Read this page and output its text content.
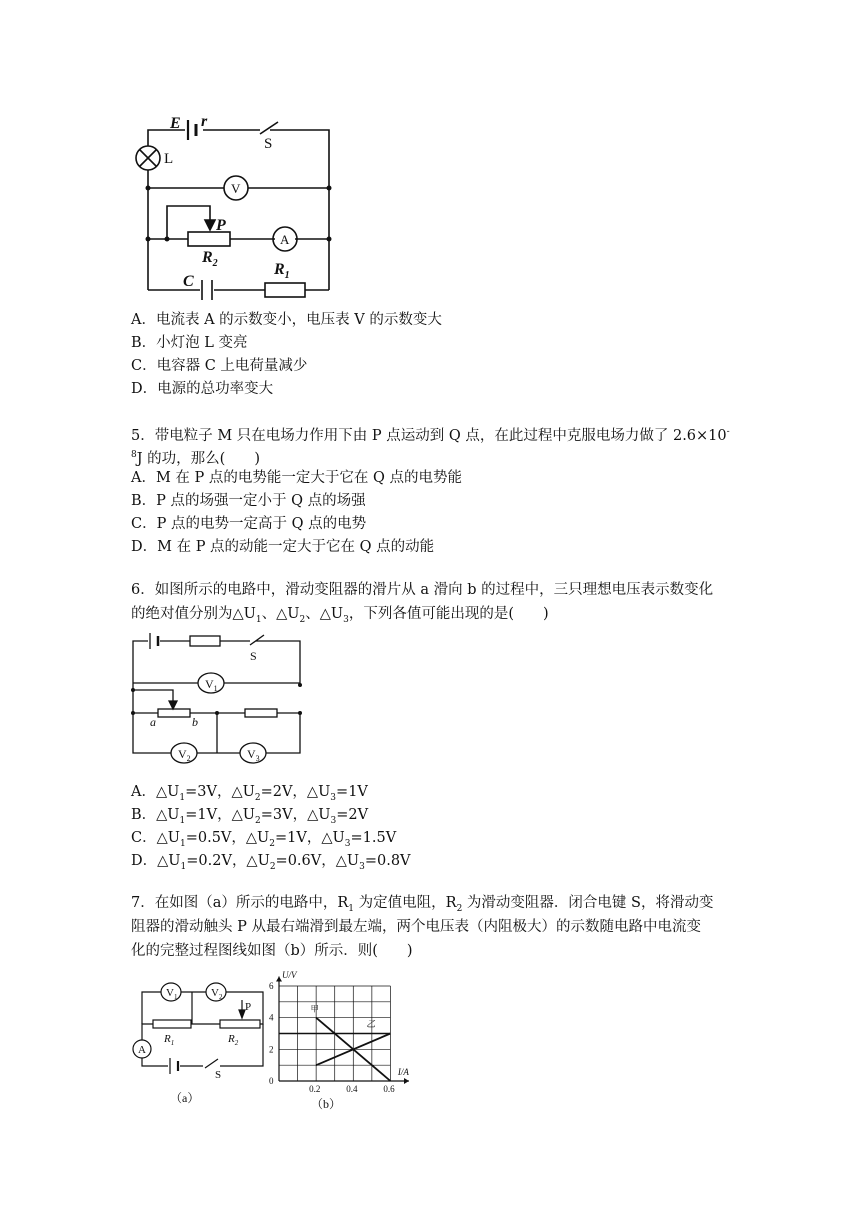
E r
P
$R_2$	$R_1$
C
S
L
V
A
A．电流表 A 的示数变小，电压表 V 的示数变大
B．小灯泡 L 变亮
C．电容器 C 上电荷量减少
D．电源的总功率变大
5．带电粒子 M 只在电场力作用下由 P 点运动到 Q 点，在此过程中克服电场力做了 2.6×10-
$^8$J 的功，那么(　　)
A．M 在 P 点的电势能一定大于它在 Q 点的电势能
B．P 点的场强一定小于 Q 点的场强
C．P 点的电势一定高于 Q 点的电势
D．M 在 P 点的动能一定大于它在 Q 点的动能
6．如图所示的电路中，滑动变阻器的滑片从 a 滑向 b 的过程中，三只理想电压表示数变化
的绝对值分别为$\triangle U_1$、$\triangle U_2$、$\triangle U_3$，下列各值可能出现的是(　　)
S
$V_1$
$V_2$	$V_3$
a	b
A．$\triangle U_1=3V$，$\triangle U_2=2V$，$\triangle U_3=1V$
B．$\triangle U_1=1V$，$\triangle U_2=3V$，$\triangle U_3=2V$
C．$\triangle U_1=0.5V$，$\triangle U_2=1V$，$\triangle U_3=1.5V$
D．$\triangle U_1=0.2V$，$\triangle U_2=0.6V$，$\triangle U_3=0.8V$
7．在如图（a）所示的电路中，$R_1$ 为定值电阻，$R_2$ 为滑动变阻器．闭合电键 S，将滑动变
阻器的滑动触头 P 从最右端滑到最左端，两个电压表（内阻极大）的示数随电路中电流变
化的完整过程图线如图（b）所示．则(　　)
$V_1$	$V_2$
P
$R_1$	$R_2$
A
S
（a）
0
2
4
6
0.2	0.4	0.6
U/V
I/A
甲
乙
（b）
